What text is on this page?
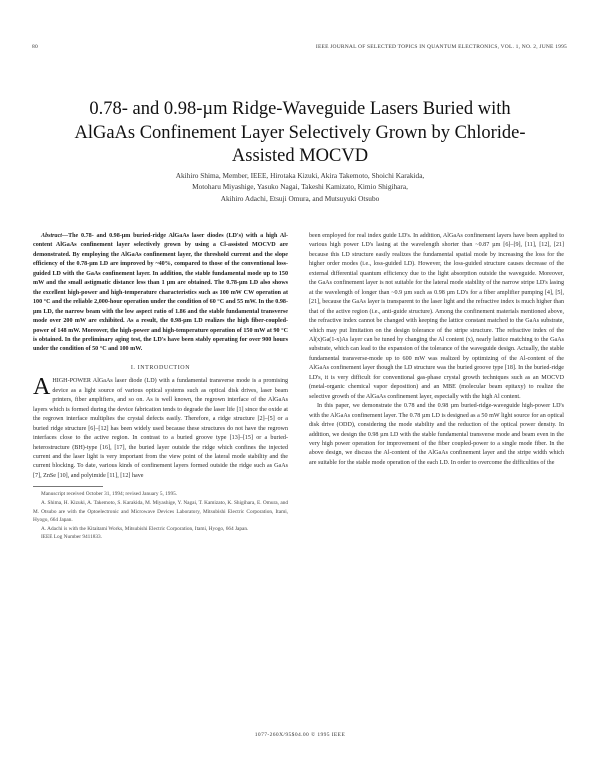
80	IEEE JOURNAL OF SELECTED TOPICS IN QUANTUM ELECTRONICS, VOL. 1, NO. 2, JUNE 1995
0.78- and 0.98-µm Ridge-Waveguide Lasers Buried with AlGaAs Confinement Layer Selectively Grown by Chloride-Assisted MOCVD
Akihiro Shima, Member, IEEE, Hirotaka Kizuki, Akira Takemoto, Shoichi Karakida,
Motoharu Miyashige, Yasuko Nagai, Takeshi Kamizato, Kimio Shigihara,
Akihiro Adachi, Etsuji Omura, and Mutsuyuki Otsubo

Abstract—The 0.78- and 0.98-µm buried-ridge AlGaAs laser diodes (LD's) with a high Al-content AlGaAs confinement layer selectively grown by using a Cl-assisted MOCVD are demonstrated. By employing the AlGaAs confinement layer, the threshold current and the slope efficiency of the 0.78-µm LD are improved by ~40%, compared to those of the conventional loss-guided LD with the GaAs confinement layer. In addition, the stable fundamental mode up to 150 mW and the small astigmatic distance less than 1 µm are obtained. The 0.78-µm LD also shows the excellent high-power and high-temperature characteristics such as 100 mW CW operation at 100 °C and the reliable 2,000-hour operation under the condition of 60 °C and 55 mW. In the 0.98-µm LD, the narrow beam with the low aspect ratio of 1.86 and the stable fundamental transverse mode over 200 mW are exhibited. As a result, the 0.98-µm LD realizes the high fiber-coupled-power of 148 mW. Moreover, the high-power and high-temperature operation of 150 mW at 90 °C is obtained. In the preliminary aging test, the LD's have been stably operating for over 900 hours under the condition of 50 °C and 100 mW.

I. INTRODUCTION

AHIGH-POWER AlGaAs laser diode (LD) with a fundamental transverse mode is a promising device as a light source of various optical systems such as optical disk drives, laser beam printers, fiber amplifiers, and so on. As is well known, the regrown interface of the AlGaAs layers which is formed during the device fabrication tends to degrade the laser life [1] since the oxide at the regrown interface multiplies the crystal defects easily. Therefore, a ridge structure [2]–[5] or a buried ridge structure [6]–[12] has been widely used because these structures do not have the regrown interfaces close to the active region. In contrast to a buried groove type [13]–[15] or a buried-heterostructure (BH)-type [16], [17], the buried layer outside the ridge which confines the injected current and the laser light is very important from the view point of the lateral mode stability and the current blocking. To date, various kinds of confinement layers formed outside the ridge such as GaAs [7], ZnSe [10], and polyimide [11], [12] have

Manuscript received October 31, 1994; revised January 5, 1995.

A. Shima, H. Kizuki, A. Takemoto, S. Karakida, M. Miyashige, Y. Nagai, T. Kamizato, K. Shigihara, E. Omura, and M. Otsubo are with the Optoelectronic and Microwave Devices Laboratory, Mitsubishi Electric Corporation, Itami, Hyogo, 664 Japan.

A. Adachi is with the Kitaitami Works, Mitsubishi Electric Corporation, Itami, Hyogo, 664 Japan.

IEEE Log Number 9411833.

been employed for real index guide LD's. In addition, AlGaAs confinement layers have been applied to various high power LD's lasing at the wavelength shorter than ~0.87 µm [6]–[9], [11], [12], [21] because this LD structure easily realizes the fundamental spatial mode by increasing the loss for the higher order modes (i.e., loss-guided LD). However, the loss-guided structure causes decrease of the external differential quantum efficiency due to the light absorption outside the waveguide. Moreover, the GaAs confinement layer is not suitable for the lateral mode stability of the narrow stripe LD's lasing at the wavelength of longer than ~0.9 µm such as 0.98 µm LD's for a fiber amplifier pumping [4], [5], [21], because the GaAs layer is transparent to the laser light and the refractive index is much higher than that of the active region (i.e., anti-guide structure). Among the confinement materials mentioned above, the refractive index cannot be changed with keeping the lattice constant matched to the GaAs substrate, which may put limitation on the design tolerance of the stripe structure. The refractive index of the Al(x)Ga(1-x)As layer can be tuned by changing the Al content (x), nearly lattice matching to the GaAs substrate, which can lead to the expansion of the tolerance of the waveguide design. Actually, the stable fundamental transverse-mode up to 600 mW was realized by optimizing of the Al-content of the AlGaAs confinement layer though the LD structure was the buried groove type [18]. In the buried-ridge LD's, it is very difficult for conventional gas-phase crystal growth techniques such as an MOCVD (metal-organic chemical vapor deposition) and an MBE (molecular beam epitaxy) to realize the selective growth of the AlGaAs confinement layer, especially with the high Al content.

In this paper, we demonstrate the 0.78 and the 0.98 µm buried-ridge-waveguide high-power LD's with the AlGaAs confinement layer. The 0.78 µm LD is designed as a 50 mW light source for an optical disk drive (ODD), considering the mode stability and the reduction of the optical power density. In addition, we design the 0.98 µm LD with the stable fundamental transverse mode and beam even in the very high power operation for improvement of the fiber coupled-power to a single mode fiber. In the above design, we discuss the Al-content of the AlGaAs confinement layer and the stripe width which are suitable for the stable mode operation of the each LD. In order to overcome the difficulties of the

1077-260X/95$04.00 © 1995 IEEE
